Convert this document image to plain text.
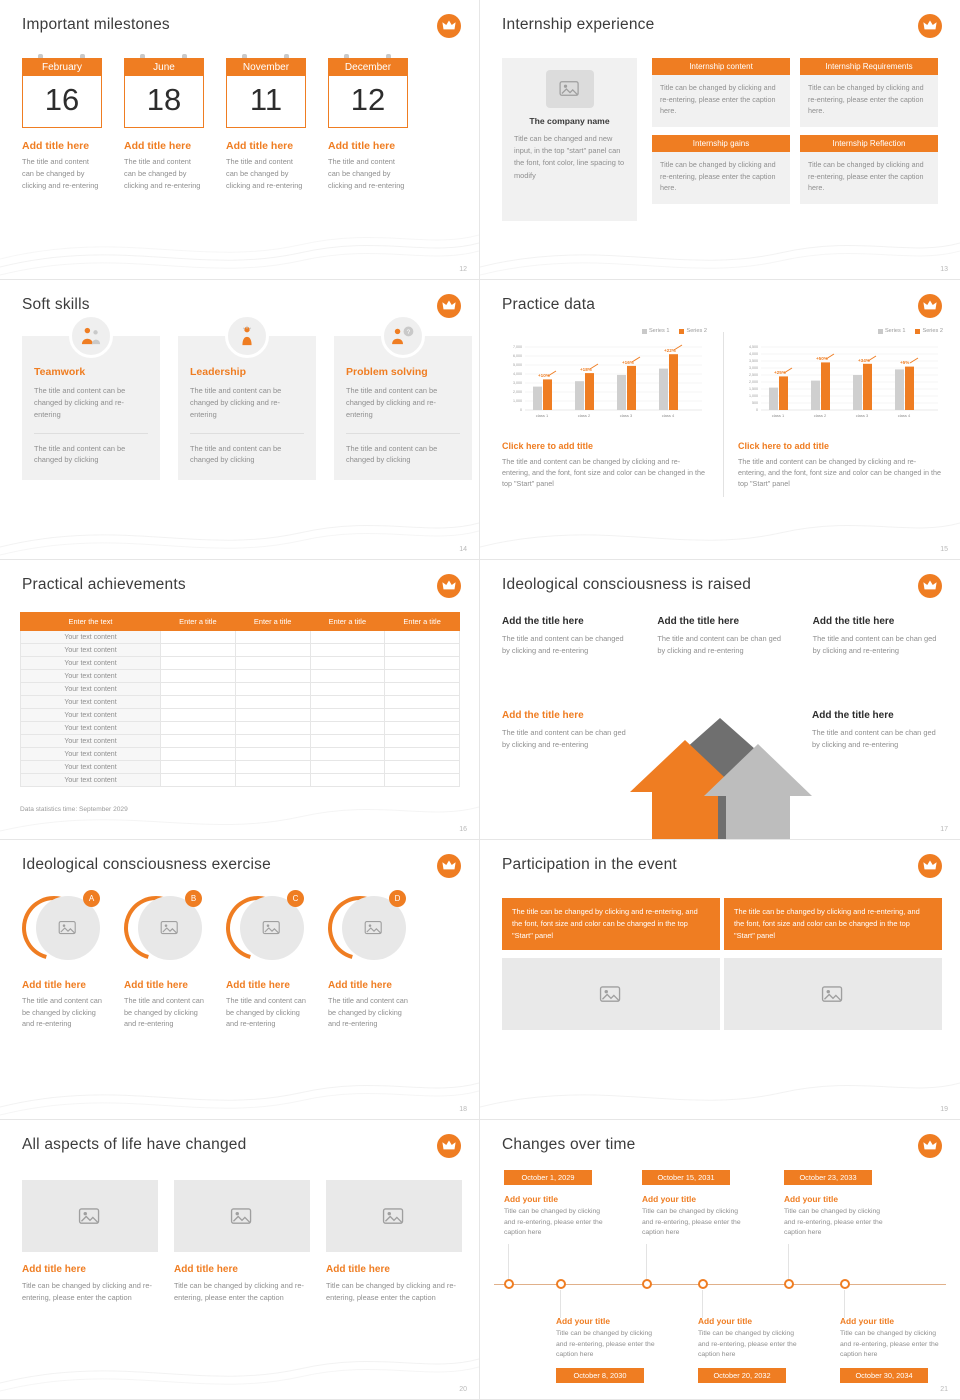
Important milestones
February
16
Add title here

The title and content can be changed by clicking and re-entering

June
18
Add title here

The title and content can be changed by clicking and re-entering

November
11
Add title here

The title and content can be changed by clicking and re-entering

December
12
Add title here

The title and content can be changed by clicking and re-entering

12
Internship experience
The company name

Title can be changed and new input, in the top "start" panel can the font, font color, line spacing to modify

Internship content
Title can be changed by clicking and re-entering, please enter the caption here.
Internship Requirements
Title can be changed by clicking and re-entering, please enter the caption here.
Internship gains
Title can be changed by clicking and re-entering, please enter the caption here.
Internship Reflection
Title can be changed by clicking and re-entering, please enter the caption here.
13
Soft skills
Teamwork

The title and content can be changed by clicking and re-entering

The title and content can be changed by clicking

Leadership

The title and content can be changed by clicking and re-entering

The title and content can be changed by clicking

?
Problem solving

The title and content can be changed by clicking and re-entering

The title and content can be changed by clicking

14
Practice data
Series 1	Series 2
7,000
6,000
5,000
4,000
3,000
2,000
1,000
0
+10%
+18%
+16%
+22%
class 1	class 2	class 3	class 4
Click here to add title

The title and content can be changed by clicking and re-entering, and the font, font size and color can be changed in the top "Start" panel

Series 1	Series 2
4,500
4,000
3,500
3,000
2,500
2,000
1,500
1,000
500
0
+25%
+50%	+34%	+5%
class 1	class 2	class 3	class 4
Click here to add title

The title and content can be changed by clicking and re-entering, and the font, font size and color can be changed in the top "Start" panel

15
Practical achievements
Enter the text	Enter a title	Enter a title	Enter a title	Enter a title
Your text content				
Your text content				
Your text content				
Your text content				
Your text content				
Your text content				
Your text content				
Your text content				
Your text content				
Your text content				
Your text content				
Your text content				
Data statistics time: September 2029
16
Ideological consciousness is raised
Add the title here

The title and content can be changed by clicking and re-entering

Add the title here

The title and content can be chan ged by clicking and re-entering

Add the title here

The title and content can be chan ged by clicking and re-entering

Add the title here

The title and content can be chan ged by clicking and re-entering

Add the title here

The title and content can be chan ged by clicking and re-entering

17
Ideological consciousness exercise
A
Add title here

The title and content can be changed by clicking and re-entering

B
Add title here

The title and content can be changed by clicking and re-entering

C
Add title here

The title and content can be changed by clicking and re-entering

D
Add title here

The title and content can be changed by clicking and re-entering

18
Participation in the event
The title can be changed by clicking and re-entering, and the font, font size and color can be changed in the top "Start" panel
The title can be changed by clicking and re-entering, and the font, font size and color can be changed in the top "Start" panel
19
All aspects of life have changed
Add title here

Title can be changed by clicking and re-entering, please enter the caption

Add title here

Title can be changed by clicking and re-entering, please enter the caption

Add title here

Title can be changed by clicking and re-entering, please enter the caption

20
Changes over time
October 1, 2029
Add your title

Title can be changed by clicking and re-entering, please enter the caption here

October 15, 2031
Add your title

Title can be changed by clicking and re-entering, please enter the caption here

October 23, 2033
Add your title

Title can be changed by clicking and re-entering, please enter the caption here

Add your title

Title can be changed by clicking and re-entering, please enter the caption here

October 8, 2030
Add your title

Title can be changed by clicking and re-entering, please enter the caption here

October 20, 2032
Add your title

Title can be changed by clicking and re-entering, please enter the caption here

October 30, 2034
21
